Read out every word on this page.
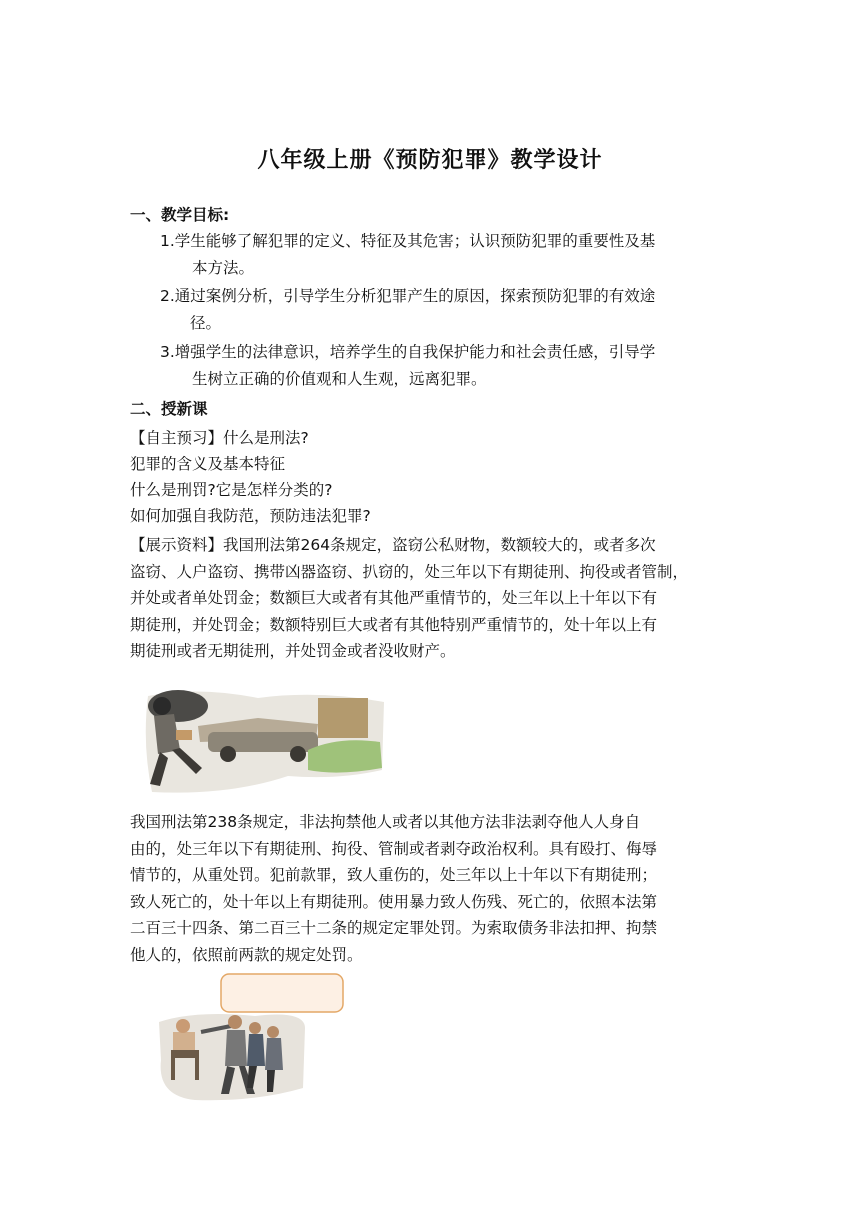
八年级上册《预防犯罪》教学设计
一、教学目标:
1.学生能够了解犯罪的定义、特征及其危害；认识预防犯罪的重要性及基
本方法。
2.通过案例分析，引导学生分析犯罪产生的原因，探索预防犯罪的有效途
径。
3.增强学生的法律意识，培养学生的自我保护能力和社会责任感，引导学
生树立正确的价值观和人生观，远离犯罪。
二、授新课
【自主预习】什么是刑法?
犯罪的含义及基本特征
什么是刑罚?它是怎样分类的?
如何加强自我防范，预防违法犯罪?
【展示资料】我国刑法第264条规定，盗窃公私财物，数额较大的，或者多次
盗窃、人户盗窃、携带凶器盗窃、扒窃的，处三年以下有期徒刑、拘役或者管制，
并处或者单处罚金；数额巨大或者有其他严重情节的，处三年以上十年以下有
期徒刑，并处罚金；数额特别巨大或者有其他特别严重情节的，处十年以上有
期徒刑或者无期徒刑，并处罚金或者没收财产。
我国刑法第238条规定，非法拘禁他人或者以其他方法非法剥夺他人人身自
由的，处三年以下有期徒刑、拘役、管制或者剥夺政治权利。具有殴打、侮辱
情节的，从重处罚。犯前款罪，致人重伤的，处三年以上十年以下有期徒刑；
致人死亡的，处十年以上有期徒刑。使用暴力致人伤残、死亡的，依照本法第
二百三十四条、第二百三十二条的规定定罪处罚。为索取债务非法扣押、拘禁
他人的，依照前两款的规定处罚。
